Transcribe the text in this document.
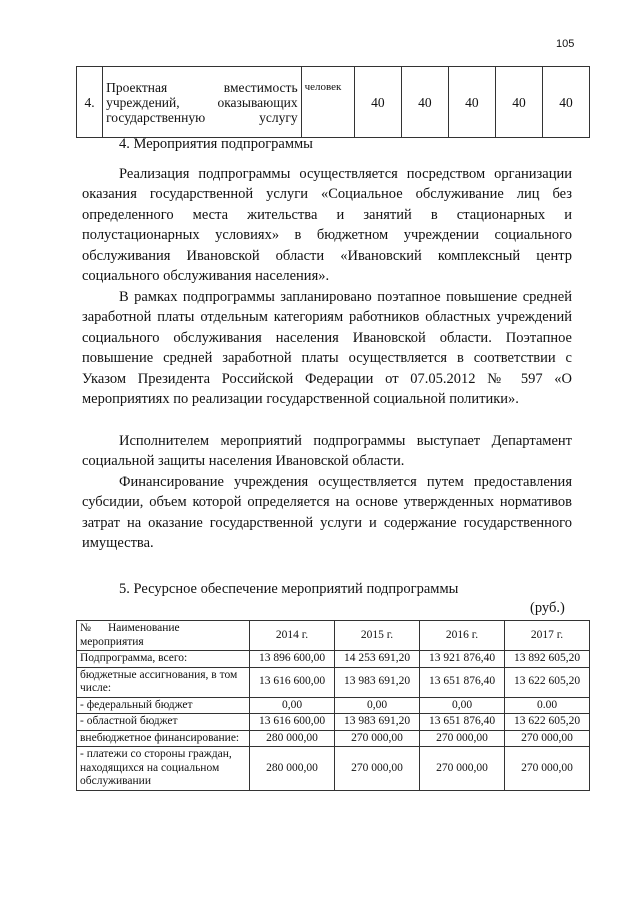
105
4.	Проектная вместимость учреждений, оказывающих государственную услугу	человек	40	40	40	40	40
4. Мероприятия подпрограммы

Реализация подпрограммы осуществляется посредством организации оказания государственной услуги «Социальное обслуживание лиц без определенного места жительства и занятий в стационарных и полустационарных условиях» в бюджетном учреждении социального обслуживания Ивановской области «Ивановский комплексный центр социального обслуживания населения».

В рамках подпрограммы запланировано поэтапное повышение средней заработной платы отдельным категориям работников областных учреждений социального обслуживания населения Ивановской области. Поэтапное повышение средней заработной платы осуществляется в соответствии с Указом Президента Российской Федерации от 07.05.2012 № 597 «О мероприятиях по реализации государственной социальной политики».

Исполнителем мероприятий подпрограммы выступает Департамент социальной защиты населения Ивановской области.

Финансирование учреждения осуществляется путем предоставления субсидии, объем которой определяется на основе утвержденных нормативов затрат на оказание государственной услуги и содержание государственного имущества.

5. Ресурсное обеспечение мероприятий подпрограммы
(руб.)
№ Наименование мероприятия	2014 г.	2015 г.	2016 г.	2017 г.
Подпрограмма, всего:	13 896 600,00	14 253 691,20	13 921 876,40	13 892 605,20
бюджетные ассигнования, в том числе:	13 616 600,00	13 983 691,20	13 651 876,40	13 622 605,20
- федеральный бюджет	0,00	0,00	0,00	0.00
- областной бюджет	13 616 600,00	13 983 691,20	13 651 876,40	13 622 605,20
внебюджетное финансирование:	280 000,00	270 000,00	270 000,00	270 000,00
- платежи со стороны граждан, находящихся на социальном обслуживании	280 000,00	270 000,00	270 000,00	270 000,00
